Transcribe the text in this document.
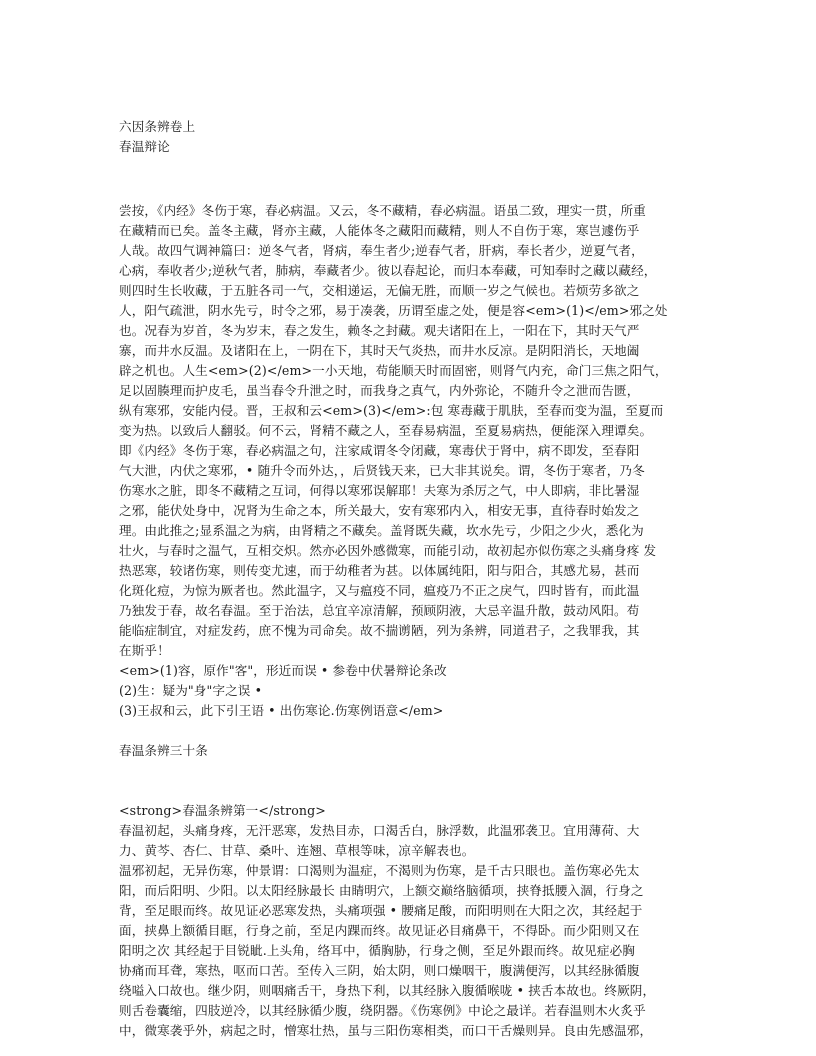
六因条辨卷上
春温辩论
尝按，《内经》冬伤于寒，春必病温。又云，冬不藏精，春必病温。语虽二致，理实一贯，所重
在藏精而已矣。盖冬主藏，肾亦主藏，人能体冬之藏阳而藏精，则人不自伤于寒，寒岂遽伤乎
人哉。故四气调神篇曰：逆冬气者，肾病，奉生者少;逆春气者，肝病，奉长者少，逆夏气者，
心病，奉收者少;逆秋气者，肺病，奉藏者少。彼以春起论，而归本奉藏，可知奉时之藏以藏经，
则四时生长收藏，于五脏各司一气，交相递运，无偏无胜，而顺一岁之气候也。若烦劳多欲之
人，阳气疏泄，阴水先亏，时令之邪，易于凑袭，历谓至虚之处，便是容<em>(1)</em>邪之处
也。况春为岁首，冬为岁末，春之发生，赖冬之封藏。观夫诸阳在上，一阳在下，其时天气严
寨，而井水反温。及诸阳在上，一阴在下，其时天气炎热，而井水反凉。是阴阳消长，天地阖
辟之机也。人生<em>(2)</em>一小天地，苟能顺天时而固密，则肾气内充，命门三焦之阳气，
足以固腠理而护皮毛，虽当春令升泄之时，而我身之真气，内外弥论，不随升令之泄而告匮，
纵有寒邪，安能内侵。晋，王叔和云<em>(3)</em>:包 寒毒藏于肌肤，至春而变为温，至夏而
变为热。以致后人翻驳。何不云，肾精不藏之人，至春易病温，至夏易病热，便能深入理谭矣。
即《内经》冬伤于寒，春必病温之句，注家咸谓冬令闭藏，寒毒伏于肾中，病不即发，至春阳
气大泄，内伏之寒邪，• 随升令而外达，，后贤钱天来，已大非其说矣。谓，冬伤于寒者，乃冬
伤寒水之脏，即冬不藏精之互词，何得以寒邪误解耶！夫寒为杀厉之气，中人即病，非比暑湿
之邪，能伏处身中，况肾为生命之本，所关最大，安有寒邪内入，相安无事，直待春时始发之
理。由此推之;显系温之为病，由肾精之不藏矣。盖肾既失藏，坎水先亏，少阳之少火，悉化为
壮火，与春时之温气，互相交炽。然亦必因外感微寒，而能引动，故初起亦似伤寒之头痛身疼 发
热恶寒，较诸伤寒，则传变尤速，而于幼稚者为甚。以体属纯阳，阳与阳合，其感尤易，甚而
化斑化痘，为惊为厥者也。然此温字，又与瘟疫不同，瘟疫乃不正之戾气，四时皆有，而此温
乃独发于春，故名春温。至于治法，总宜辛凉清解，预顾阴液，大忌辛温升散，鼓动风阳。苟
能临症制宜，对症发药，庶不愧为司命矣。故不揣谫陋，列为条辨，同道君子，之我罪我，其
在斯乎！
<em>(1)容，原作"客"，形近而误 • 参卷中伏暑辩论条改
(2)生：疑为"身"字之误 •
(3)王叔和云，此下引王语 • 出伤寒论.伤寒例语意</em>
春温条辨三十条
<strong>春温条辨第一</strong>
春温初起，头痛身疼，无汗恶寒，发热目赤，口渴舌白，脉浮数，此温邪袭卫。宜用薄荷、大
力、黄芩、杏仁、甘草、桑叶、连翘、草根等味，凉辛解表也。
温邪初起，无异伤寒，仲景谓：口渴则为温症，不渴则为伤寒，是千古只眼也。盖伤寒必先太
阳，而后阳明、少阳。以太阳经脉最长 由睛明穴，上额交巅络脑循项，挟脊抵腰入涸，行身之
背，至足眼而终。故见证必恶寒发热，头痛项强 • 腰痛足酸，而阳明则在大阳之次，其经起于
面，挟鼻上额循目眶，行身之前，至足内踝而终。故见证必目痛鼻干，不得卧。而少阳则又在
阳明之次 其经起于目锐眦.上头角，络耳中，循胸胁，行身之侧，至足外跟而终。故见症必胸
协痛而耳聋，寒热，呕而口苦。至传入三阴，始太阴，则口燥咽干，腹满便泻，以其经脉循腹
绕嗌入口故也。继少阴，则咽痛舌干，身热下利，以其经脉入腹循喉咙 • 挟舌本故也。终厥阴，
则舌卷囊缩，四肢逆冷，以其经脉循少腹，绕阴器。《伤寒例》中论之最详。若春温则木火炙乎
中，微寒袭乎外，病起之时，憎寒壮热，虽与三阳伤寒相类，而口干舌燥则异。良由先感温邪，
